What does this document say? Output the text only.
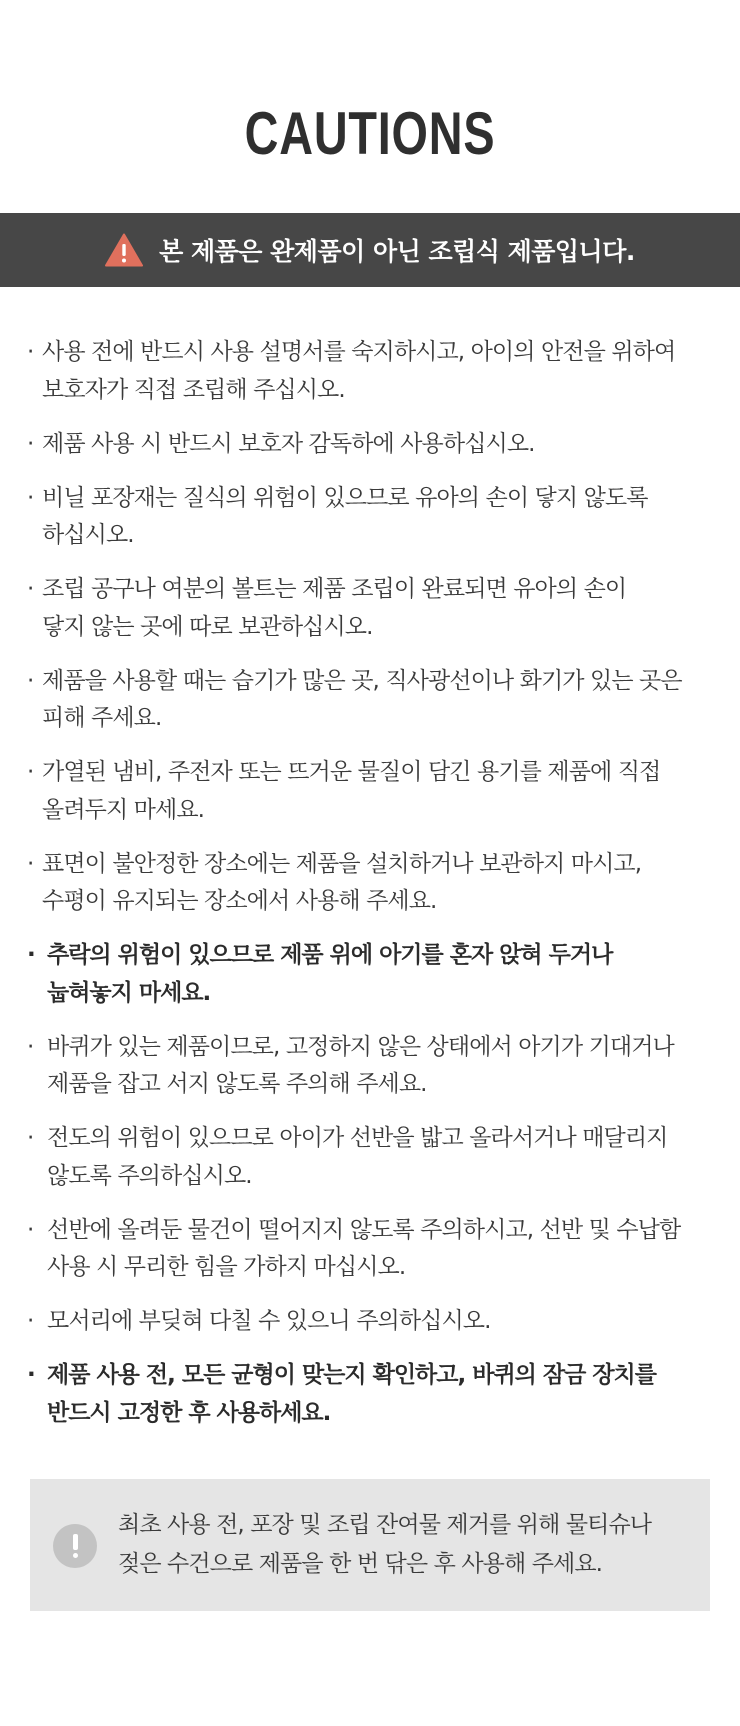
CAUTIONS
본 제품은 완제품이 아닌 조립식 제품입니다.
· 사용 전에 반드시 사용 설명서를 숙지하시고, 아이의 안전을 위하여
보호자가 직접 조립해 주십시오.
· 제품 사용 시 반드시 보호자 감독하에 사용하십시오.
· 비닐 포장재는 질식의 위험이 있으므로 유아의 손이 닿지 않도록
하십시오.
· 조립 공구나 여분의 볼트는 제품 조립이 완료되면 유아의 손이
닿지 않는 곳에 따로 보관하십시오.
· 제품을 사용할 때는 습기가 많은 곳, 직사광선이나 화기가 있는 곳은
피해 주세요.
· 가열된 냄비, 주전자 또는 뜨거운 물질이 담긴 용기를 제품에 직접
올려두지 마세요.
· 표면이 불안정한 장소에는 제품을 설치하거나 보관하지 마시고,
수평이 유지되는 장소에서 사용해 주세요.
· 추락의 위험이 있으므로 제품 위에 아기를 혼자 앉혀 두거나
눕혀놓지 마세요.
· 바퀴가 있는 제품이므로, 고정하지 않은 상태에서 아기가 기대거나
제품을 잡고 서지 않도록 주의해 주세요.
· 전도의 위험이 있으므로 아이가 선반을 밟고 올라서거나 매달리지
않도록 주의하십시오.
· 선반에 올려둔 물건이 떨어지지 않도록 주의하시고, 선반 및 수납함
사용 시 무리한 힘을 가하지 마십시오.
· 모서리에 부딪혀 다칠 수 있으니 주의하십시오.
· 제품 사용 전, 모든 균형이 맞는지 확인하고, 바퀴의 잠금 장치를
반드시 고정한 후 사용하세요.
최초 사용 전, 포장 및 조립 잔여물 제거를 위해 물티슈나
젖은 수건으로 제품을 한 번 닦은 후 사용해 주세요.
